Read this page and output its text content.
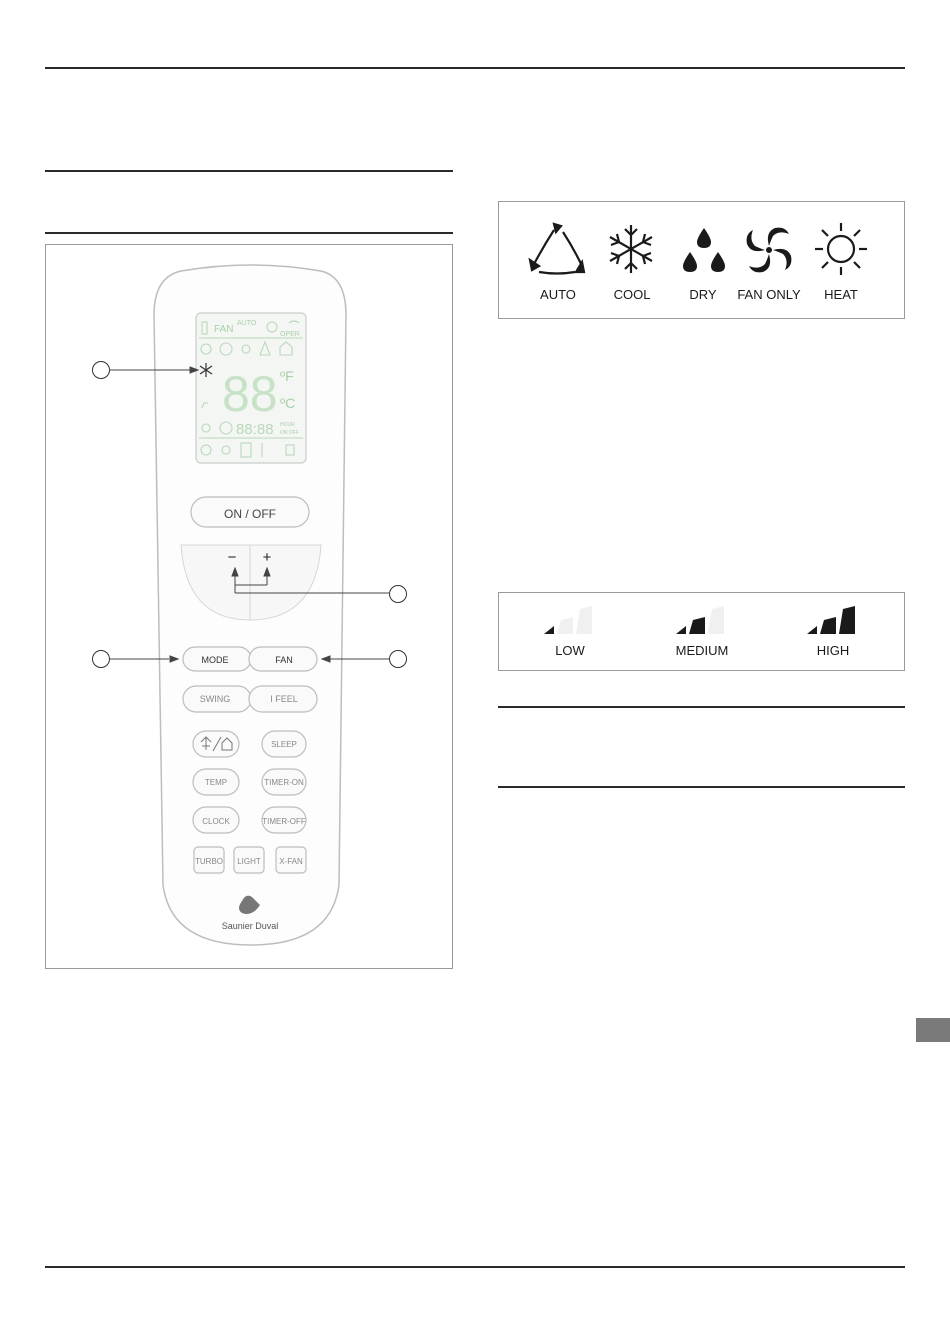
FAN
AUTO
OPER
88 ºF
ºC
88:88 HOUR
ON OFF
ON / OFF
− +
MODE	FAN
SWING	I FEEL
SLEEP
TEMP	TIMER-ON
CLOCK	TIMER-OFF
TURBO LIGHT X-FAN
Saunier Duval
AUTO	COOL	DRY	FAN ONLY	HEAT
LOW	MEDIUM	HIGH
